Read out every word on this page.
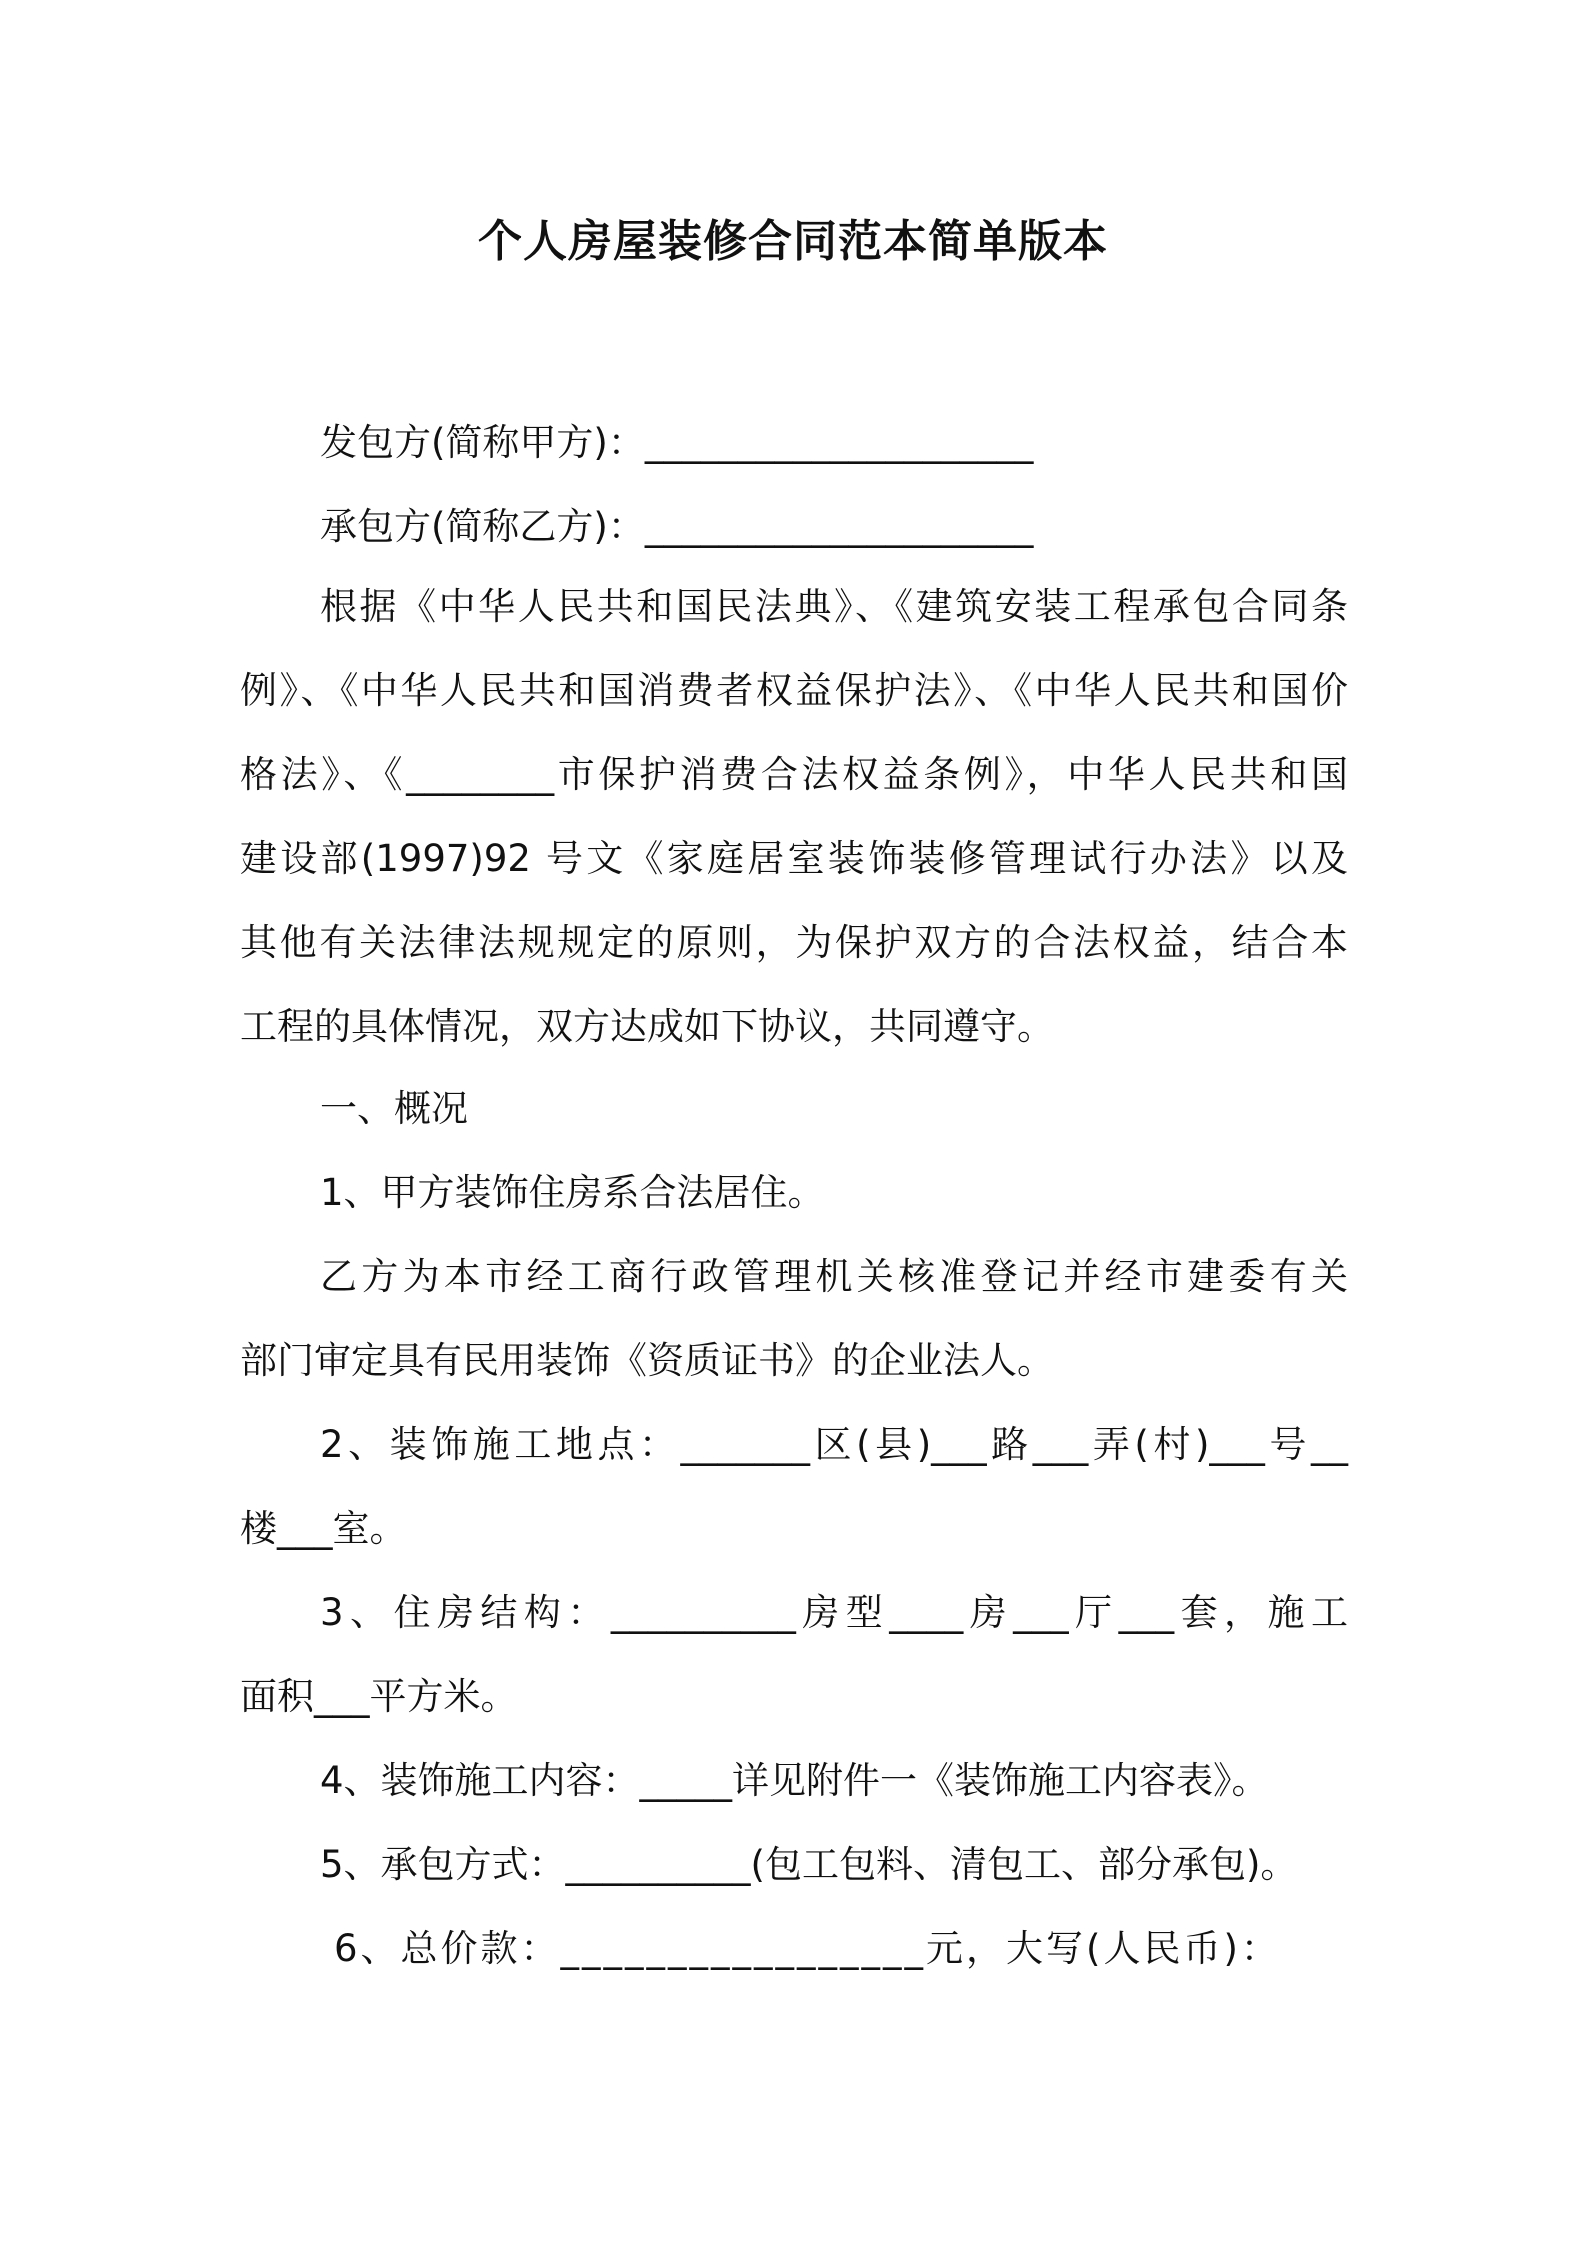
个人房屋装修合同范本简单版本
发包方(简称甲方)：_____________________
承包方(简称乙方)：_____________________
根据《中华人民共和国民法典》、《建筑安装工程承包合同条
例》、《中华人民共和国消费者权益保护法》、《中华人民共和国价
格法》、《________市保护消费合法权益条例》，中华人民共和国
建设部(1997)92 号文《家庭居室装饰装修管理试行办法》以及
其他有关法律法规规定的原则，为保护双方的合法权益，结合本
工程的具体情况，双方达成如下协议，共同遵守。
一、概况
1、甲方装饰住房系合法居住。
乙方为本市经工商行政管理机关核准登记并经市建委有关
部门审定具有民用装饰《资质证书》的企业法人。
2、装饰施工地点：_______区(县)___路___弄(村)___号__
楼___室。
3、住房结构：__________房型____房___厅___套，施工
面积___平方米。
4、装饰施工内容：_____详见附件一《装饰施工内容表》。
5、承包方式：__________(包工包料、清包工、部分承包)。
6、总价款：_________________元，大写(人民币)：
